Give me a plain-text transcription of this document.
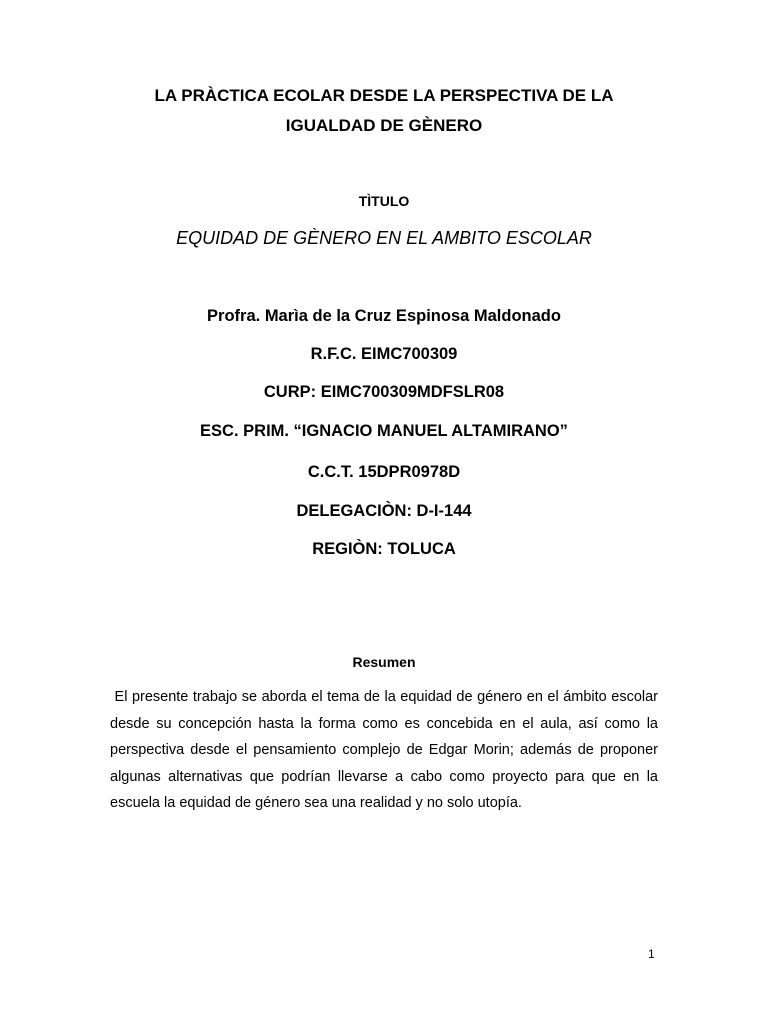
LA PRÀCTICA ECOLAR DESDE LA PERSPECTIVA DE LA
IGUALDAD DE GÈNERO
TÌTULO
EQUIDAD DE GÈNERO EN EL AMBITO ESCOLAR
Profra. Marìa de la Cruz Espinosa Maldonado
R.F.C. EIMC700309
CURP: EIMC700309MDFSLR08
ESC. PRIM. “IGNACIO MANUEL ALTAMIRANO”
C.C.T. 15DPR0978D
DELEGACIÒN: D-I-144
REGIÒN: TOLUCA
Resumen
El presente trabajo se aborda el tema de la equidad de género en el ámbito escolar desde su concepción hasta la forma como es concebida en el aula, así como la perspectiva desde el pensamiento complejo de Edgar Morin; además de proponer algunas alternativas que podrían llevarse a cabo como proyecto para que en la escuela la equidad de género sea una realidad y no solo utopía.
1
